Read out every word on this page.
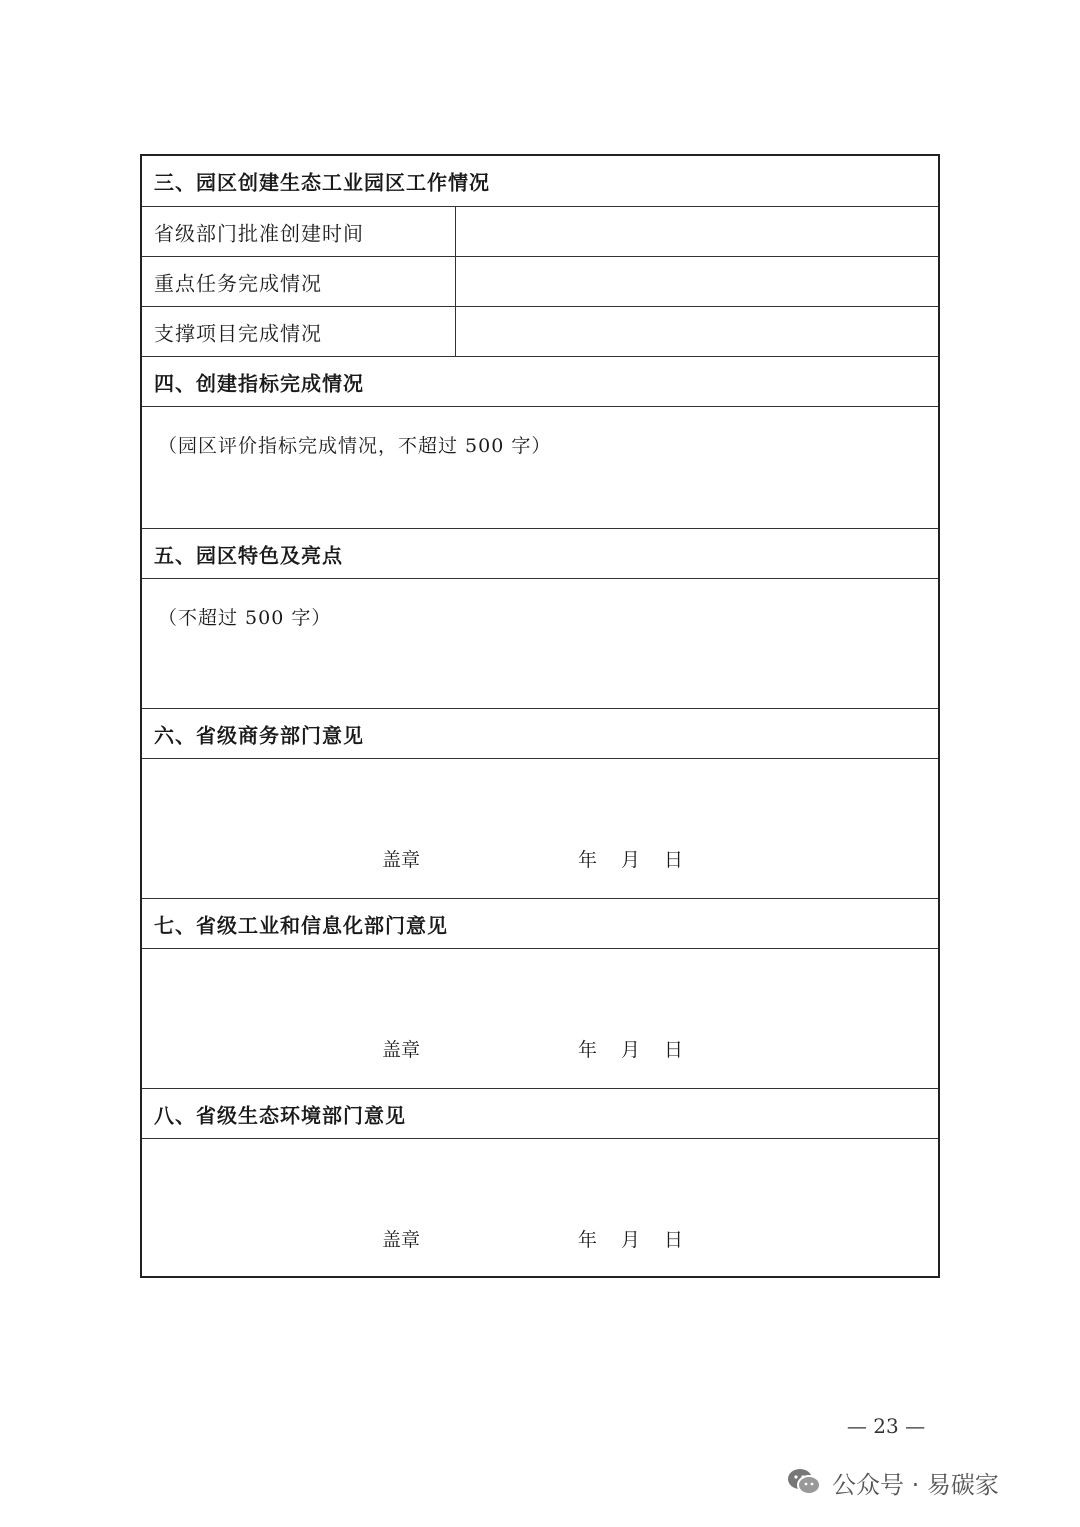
三、园区创建生态工业园区工作情况
省级部门批准创建时间
重点任务完成情况
支撑项目完成情况
四、创建指标完成情况
（园区评价指标完成情况，不超过 500 字）
五、园区特色及亮点
（不超过 500 字）
六、省级商务部门意见
盖章	年 月 日
七、省级工业和信息化部门意见
盖章	年 月 日
八、省级生态环境部门意见
盖章	年 月 日
— 23 —
公众号 · 易碳家
